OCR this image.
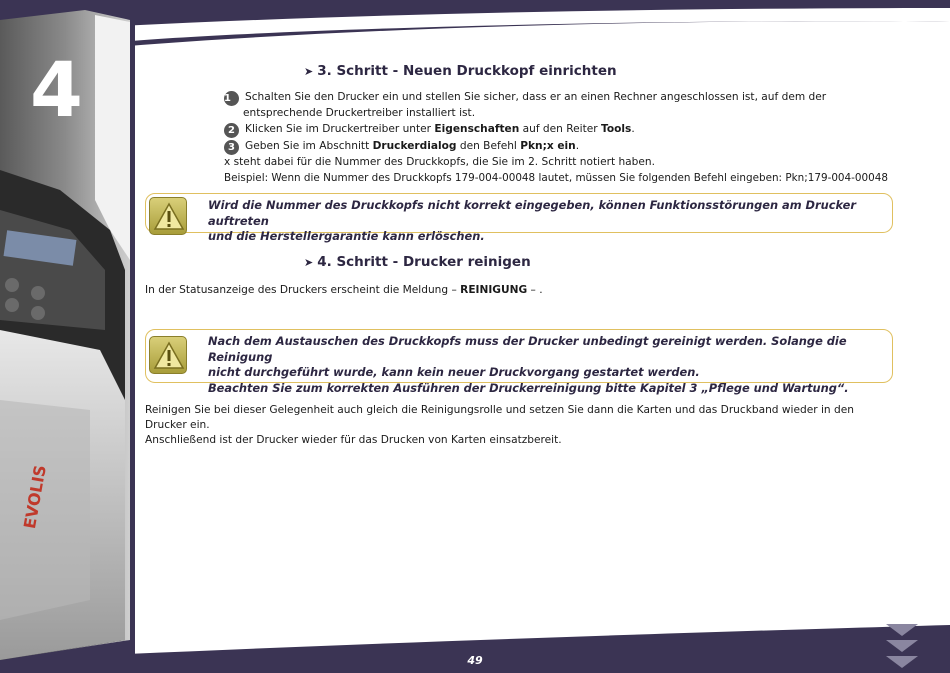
EVOLIS
4	➤ 3. Schritt - Neuen Druckkopf einrichten
1 Schalten Sie den Drucker ein und stellen Sie sicher, dass er an einen Rechner angeschlossen ist, auf dem der
entsprechende Druckertreiber installiert ist.
2 Klicken Sie im Druckertreiber unter Eigenschaften auf den Reiter Tools.
3 Geben Sie im Abschnitt Druckerdialog den Befehl Pkn;x ein.
x steht dabei für die Nummer des Druckkopfs, die Sie im 2. Schritt notiert haben.
Beispiel: Wenn die Nummer des Druckkopfs 179-004-00048 lautet, müssen Sie folgenden Befehl eingeben: Pkn;179-004-00048
Wird die Nummer des Druckkopfs nicht korrekt eingegeben, können Funktionsstörungen am Drucker auftreten
und die Herstellergarantie kann erlöschen.
➤ 4. Schritt - Drucker reinigen
In der Statusanzeige des Druckers erscheint die Meldung – REINIGUNG – .
Nach dem Austauschen des Druckkopfs muss der Drucker unbedingt gereinigt werden. Solange die Reinigung
nicht durchgeführt wurde, kann kein neuer Druckvorgang gestartet werden.
Beachten Sie zum korrekten Ausführen der Druckerreinigung bitte Kapitel 3 „Pflege und Wartung“.
Reinigen Sie bei dieser Gelegenheit auch gleich die Reinigungsrolle und setzen Sie dann die Karten und das Druckband wieder in den
Drucker ein.
Anschließend ist der Drucker wieder für das Drucken von Karten einsatzbereit.
49
